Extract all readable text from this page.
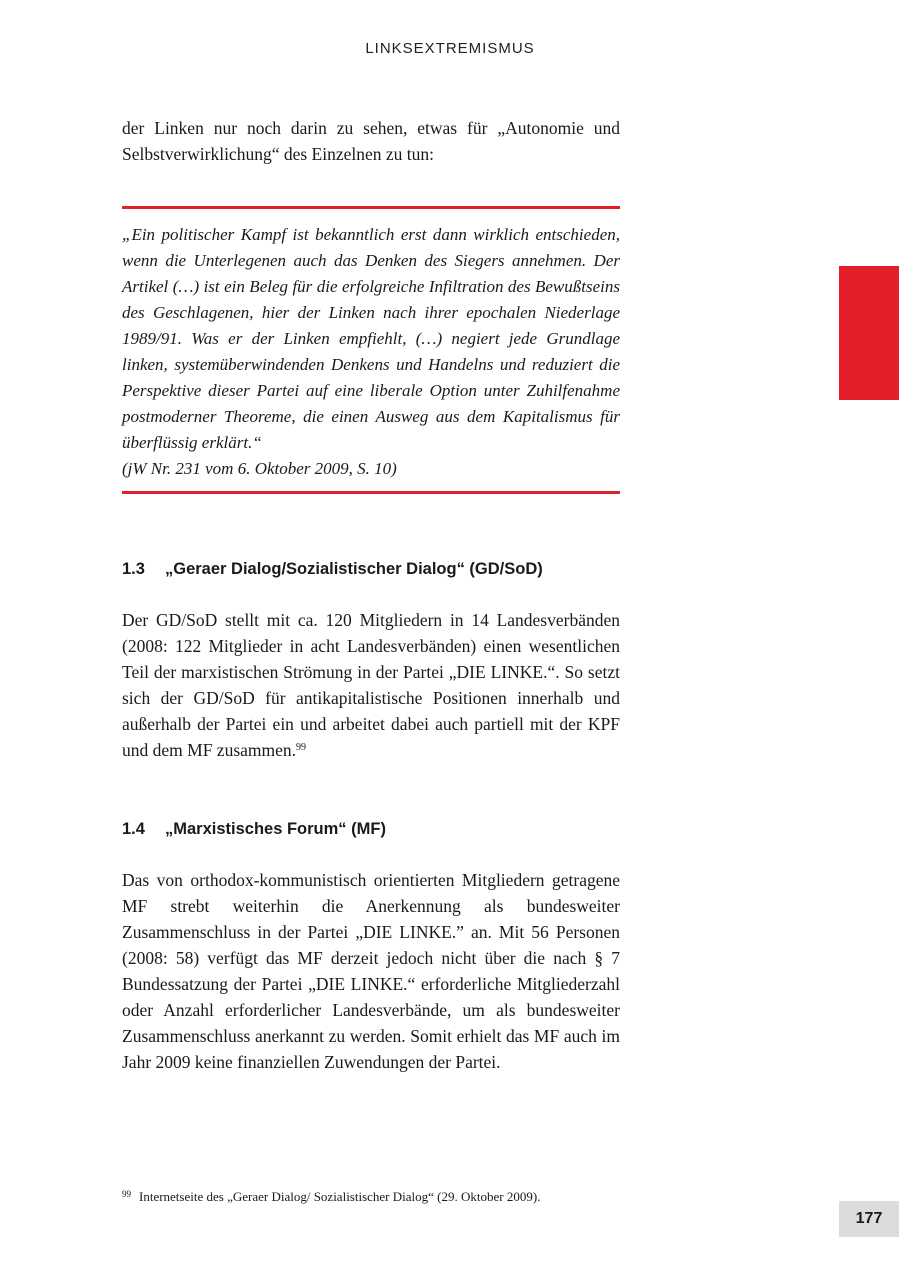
LINKSEXTREMISMUS

der Linken nur noch darin zu sehen, etwas für „Autonomie und Selbstverwirklichung“ des Einzelnen zu tun:

„Ein politischer Kampf ist bekanntlich erst dann wirklich entschieden, wenn die Unterlegenen auch das Denken des Siegers annehmen. Der Artikel (…) ist ein Beleg für die erfolgreiche Infiltration des Bewußtseins des Geschlagenen, hier der Linken nach ihrer epochalen Niederlage 1989/91. Was er der Linken empfiehlt, (…) negiert jede Grundlage linken, systemüberwindenden Denkens und Handelns und reduziert die Perspektive dieser Partei auf eine liberale Option unter Zuhilfenahme postmoderner Theoreme, die einen Ausweg aus dem Kapitalismus für überflüssig erklärt.“

(jW Nr. 231 vom 6. Oktober 2009, S. 10)

1.3 „Geraer Dialog/Sozialistischer Dialog“ (GD/SoD)

Der GD/SoD stellt mit ca. 120 Mitgliedern in 14 Landesverbänden (2008: 122 Mitglieder in acht Landesverbänden) einen wesentlichen Teil der marxistischen Strömung in der Partei „DIE LINKE.“. So setzt sich der GD/SoD für antikapitalistische Positionen innerhalb und außerhalb der Partei ein und arbeitet dabei auch partiell mit der KPF und dem MF zusammen.$^{99}$

1.4 „Marxistisches Forum“ (MF)

Das von orthodox-kommunistisch orientierten Mitgliedern getragene MF strebt weiterhin die Anerkennung als bundesweiter Zusammenschluss in der Partei „DIE LINKE.” an. Mit 56 Personen (2008: 58) verfügt das MF derzeit jedoch nicht über die nach § 7 Bundessatzung der Partei „DIE LINKE.“ erforderliche Mitgliederzahl oder Anzahl erforderlicher Landesverbände, um als bundesweiter Zusammenschluss anerkannt zu werden. Somit erhielt das MF auch im Jahr 2009 keine finanziellen Zuwendungen der Partei.

$^{99}$ Internetseite des „Geraer Dialog/ Sozialistischer Dialog“ (29. Oktober 2009).

177
